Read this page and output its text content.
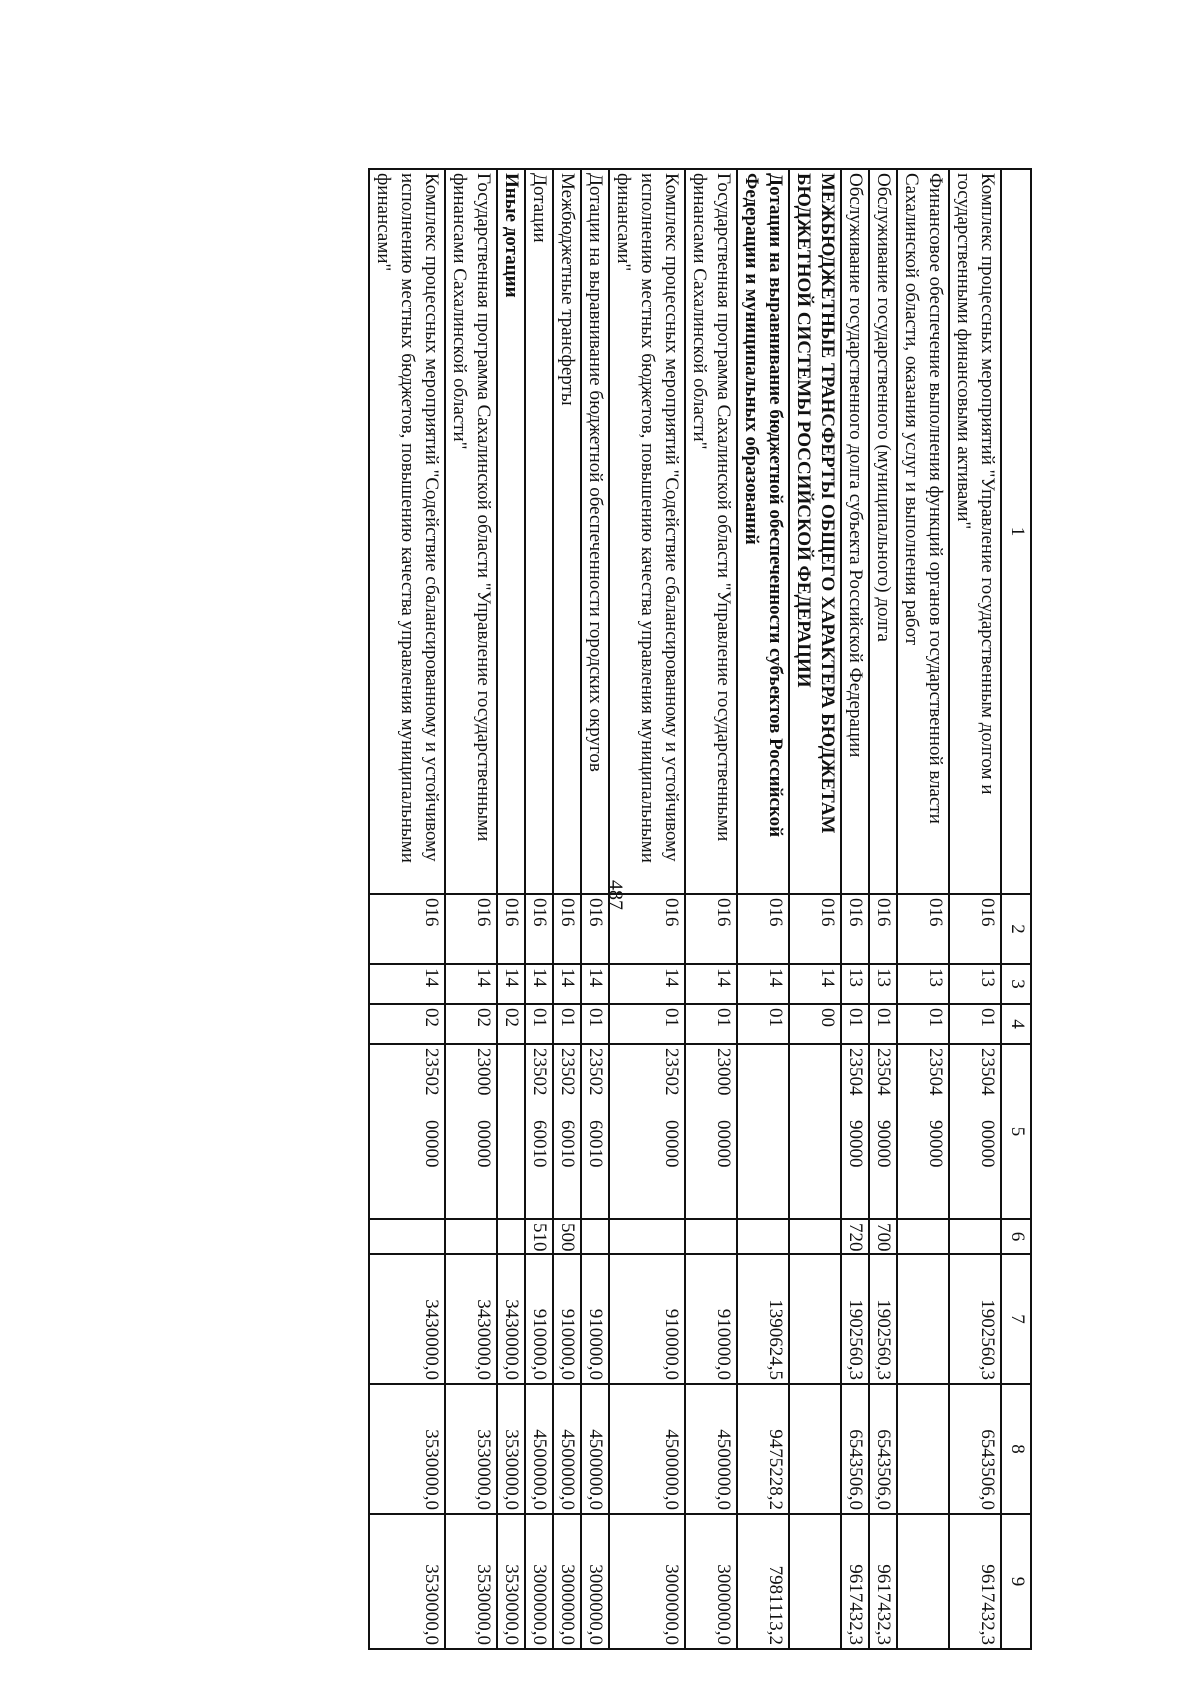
487
1	2	3	4	5	6	7	8	9
Комплекс процессных мероприятий "Управление государственным долгом и государственными финансовыми активами"	016	13	01	2350400000		1902560,3	6543506,0	9617432,3
Финансовое обеспечение выполнения функций органов государственной власти Сахалинской области, оказания услуг и выполнения работ	016	13	01	2350490000				
Обслуживание государственного (муниципального) долга	016	13	01	2350490000	700	1902560,3	6543506,0	9617432,3
Обслуживание государственного долга субъекта Российской Федерации	016	13	01	2350490000	720	1902560,3	6543506,0	9617432,3
МЕЖБЮДЖЕТНЫЕ ТРАНСФЕРТЫ ОБЩЕГО ХАРАКТЕРА БЮДЖЕТАМ БЮДЖЕТНОЙ СИСТЕМЫ РОССИЙСКОЙ ФЕДЕРАЦИИ	016	14	00					
Дотации на выравнивание бюджетной обеспеченности субъектов Российской Федерации и муниципальных образований	016	14	01			1390624,5	9475228,2	7981113,2
Государственная программа Сахалинской области "Управление государственными финансами Сахалинской области"	016	14	01	2300000000		910000,0	4500000,0	3000000,0
Комплекс процессных мероприятий "Содействие сбалансированному и устойчивому исполнению местных бюджетов, повышению качества управления муниципальными финансами"	016	14	01	2350200000		910000,0	4500000,0	3000000,0
Дотации на выравнивание бюджетной обеспеченности городских округов	016	14	01	2350260010		910000,0	4500000,0	3000000,0
Межбюджетные трансферты	016	14	01	2350260010	500	910000,0	4500000,0	3000000,0
Дотации	016	14	01	2350260010	510	910000,0	4500000,0	3000000,0
Иные дотации	016	14	02			3430000,0	3530000,0	3530000,0
Государственная программа Сахалинской области "Управление государственными финансами Сахалинской области"	016	14	02	2300000000		3430000,0	3530000,0	3530000,0
Комплекс процессных мероприятий "Содействие сбалансированному и устойчивому исполнению местных бюджетов, повышению качества управления муниципальными финансами"	016	14	02	2350200000		3430000,0	3530000,0	3530000,0
